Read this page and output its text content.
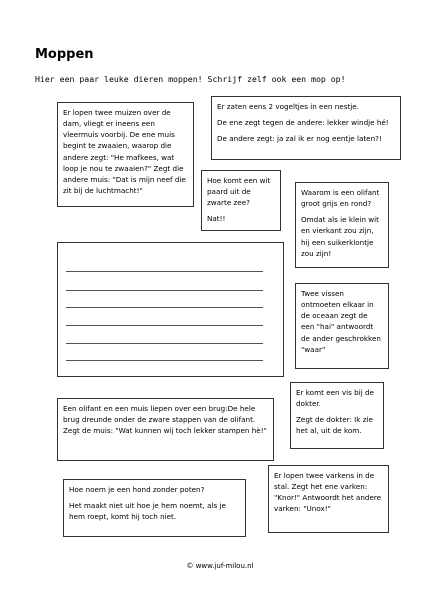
Moppen
Hier een paar leuke dieren moppen! Schrijf zelf ook een mop op!

Er lopen twee muizen over de dam, vliegt er ineens een vleermuis voorbij. De ene muis begint te zwaaien, waarop die andere zegt: "He mafkees, wat loop je nou te zwaaien?" Zegt die andere muis: "Dat is mijn neef die zit bij de luchtmacht!"

Er zaten eens 2 vogeltjes in een nestje.

De ene zegt tegen de andere: lekker windje hé!

De andere zegt: ja zal ik er nog eentje laten?!

Hoe komt een wit paard uit de zwarte zee?

Nat!!

Waarom is een olifant groot grijs en rond?

Omdat als ie klein wit en vierkant zou zijn, hij een suikerklontje zou zijn!

Twee vissen ontmoeten elkaar in de oceaan zegt de een "hai" antwoordt de ander geschrokken "waar"

Er komt een vis bij de dokter.

Zegt de dokter: Ik zie het al, uit de kom.

Een olifant en een muis liepen over een brug:De hele brug dreunde onder de zware stappen van de olifant. Zegt de muis: "Wat kunnen wij toch lekker stampen hè!"

Hoe noem je een hond zonder poten?

Het maakt niet uit hoe je hem noemt, als je hem roept, komt hij toch niet.

Er lopen twee varkens in de stal. Zegt het ene varken: "Knor!" Antwoordt het andere varken: "Unox!"

© www.juf-milou.nl
